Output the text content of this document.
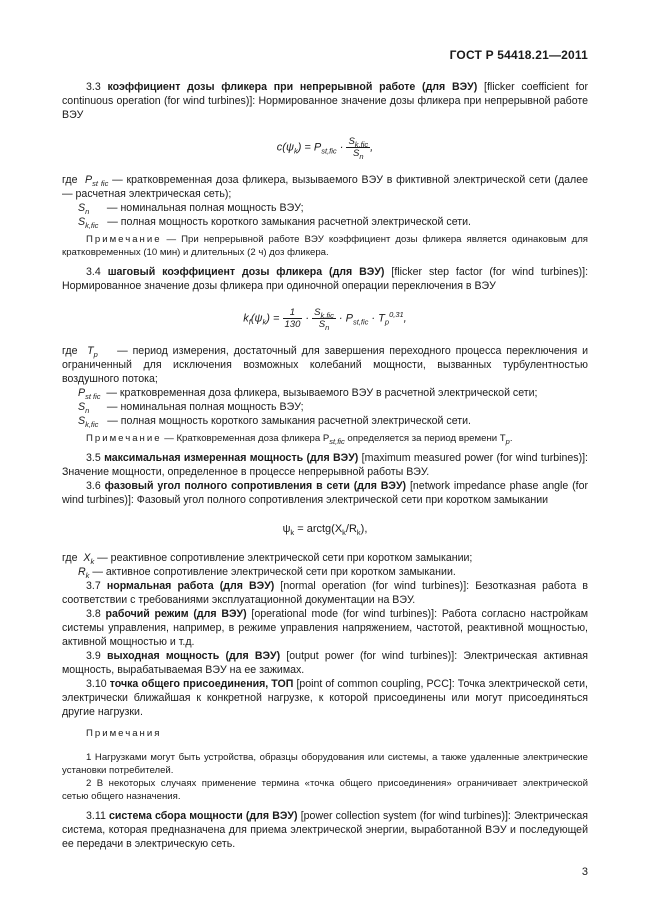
ГОСТ Р 54418.21—2011

3.3 коэффициент дозы фликера при непрерывной работе (для ВЭУ) [flicker coefficient for continuous operation (for wind turbines)]: Нормированное значение дозы фликера при непрерывной работе ВЭУ

$c(\psi_k) = P_{st,fic} \cdot \frac{S_{k,fic}}{S_n}$ ,

где $P_{st fic}$ — кратковременная доза фликера, вызываемого ВЭУ в фиктивной электрической сети (далее — расчетная электрическая сеть);

$S_n$ — номинальная полная мощность ВЭУ;

$S_{k,fic}$ — полная мощность короткого замыкания расчетной электрической сети.

Примечание — При непрерывной работе ВЭУ коэффициент дозы фликера является одинаковым для кратковременных (10 мин) и длительных (2 ч) доз фликера.

3.4 шаговый коэффициент дозы фликера (для ВЭУ) [flicker step factor (for wind turbines)]: Нормированное значение дозы фликера при одиночной операции переключения в ВЭУ

$k_f(\psi_k) = \frac{1}{130} \cdot \frac{S_{k,fic}}{S_n} \cdot P_{st,fic} \cdot T_p^{0,31}$,

где $T_p$ — период измерения, достаточный для завершения переходного процесса переключения и ограниченный для исключения возможных колебаний мощности, вызванных турбулентностью воздушного потока;

$P_{st fic}$ — кратковременная доза фликера, вызываемого ВЭУ в расчетной электрической сети;

$S_n$ — номинальная полная мощность ВЭУ;

$S_{k,fic}$ — полная мощность короткого замыкания расчетной электрической сети.

Примечание — Кратковременная доза фликера $P_{st,fic}$ определяется за период времени $T_p$.

3.5 максимальная измеренная мощность (для ВЭУ) [maximum measured power (for wind turbines)]: Значение мощности, определенное в процессе непрерывной работы ВЭУ.

3.6 фазовый угол полного сопротивления в сети (для ВЭУ) [network impedance phase angle (for wind turbines)]: Фазовый угол полного сопротивления электрической сети при коротком замыкании

$\psi_k$ = $arctg(X_k/R_k)$,

где $X_k$ — реактивное сопротивление электрической сети при коротком замыкании;

$R_k$ — активное сопротивление электрической сети при коротком замыкании.

3.7 нормальная работа (для ВЭУ) [normal operation (for wind turbines)]: Безотказная работа в соответствии с требованиями эксплуатационной документации на ВЭУ.

3.8 рабочий режим (для ВЭУ) [operational mode (for wind turbines)]: Работа согласно настройкам системы управления, например, в режиме управления напряжением, частотой, реактивной мощностью, активной мощностью и т.д.

3.9 выходная мощность (для ВЭУ) [output power (for wind turbines)]: Электрическая активная мощность, вырабатываемая ВЭУ на ее зажимах.

3.10 точка общего присоединения, ТОП [point of common coupling, PCC]: Точка электрической сети, электрически ближайшая к конкретной нагрузке, к которой присоединены или могут присоединяться другие нагрузки.

Примечания

1 Нагрузками могут быть устройства, образцы оборудования или системы, а также удаленные электрические установки потребителей.

2 В некоторых случаях применение термина «точка общего присоединения» ограничивает электрической сетью общего назначения.

3.11 система сбора мощности (для ВЭУ) [power collection system (for wind turbines)]: Электрическая система, которая предназначена для приема электрической энергии, выработанной ВЭУ и последующей ее передачи в электрическую сеть.

3
